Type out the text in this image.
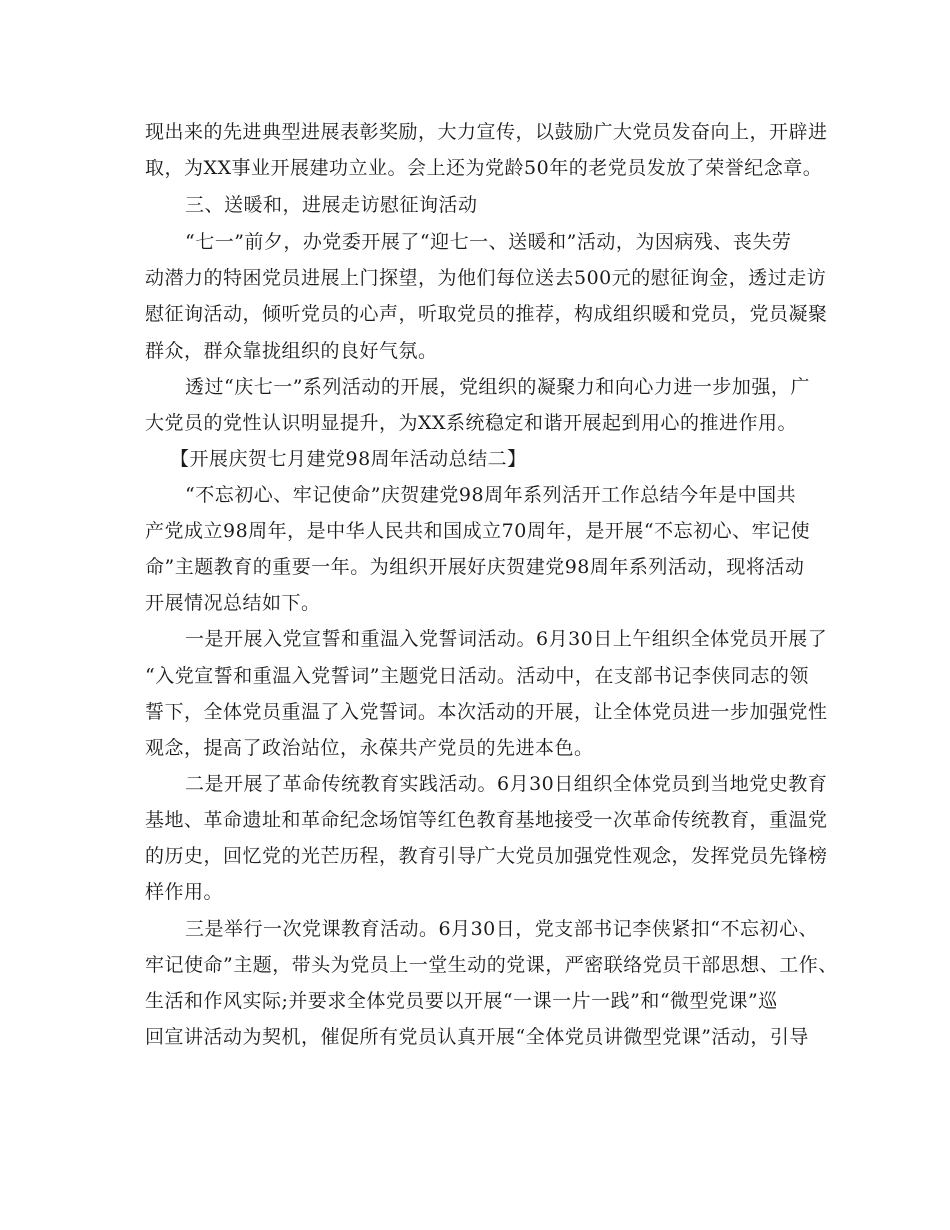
现出来的先进典型进展表彰奖励，大力宣传，以鼓励广大党员发奋向上，开辟进

取，为XX事业开展建功立业。会上还为党龄50年的老党员发放了荣誉纪念章。

三、送暖和，进展走访慰征询活动

“七一”前夕，办党委开展了“迎七一、送暖和”活动，为因病残、丧失劳

动潜力的特困党员进展上门探望，为他们每位送去500元的慰征询金，透过走访

慰征询活动，倾听党员的心声，听取党员的推荐，构成组织暖和党员，党员凝聚

群众，群众靠拢组织的良好气氛。

透过“庆七一”系列活动的开展，党组织的凝聚力和向心力进一步加强，广

大党员的党性认识明显提升，为XX系统稳定和谐开展起到用心的推进作用。

【开展庆贺七月建党98周年活动总结二】

“不忘初心、牢记使命”庆贺建党98周年系列活开工作总结今年是中国共

产党成立98周年，是中华人民共和国成立70周年，是开展“不忘初心、牢记使

命”主题教育的重要一年。为组织开展好庆贺建党98周年系列活动，现将活动

开展情况总结如下。

一是开展入党宣誓和重温入党誓词活动。6月30日上午组织全体党员开展了

“入党宣誓和重温入党誓词”主题党日活动。活动中，在支部书记李侠同志的领

誓下，全体党员重温了入党誓词。本次活动的开展，让全体党员进一步加强党性

观念，提高了政治站位，永葆共产党员的先进本色。

二是开展了革命传统教育实践活动。6月30日组织全体党员到当地党史教育

基地、革命遗址和革命纪念场馆等红色教育基地接受一次革命传统教育，重温党

的历史，回忆党的光芒历程，教育引导广大党员加强党性观念，发挥党员先锋榜

样作用。

三是举行一次党课教育活动。6月30日，党支部书记李侠紧扣“不忘初心、

牢记使命”主题，带头为党员上一堂生动的党课，严密联络党员干部思想、工作、

生活和作风实际;并要求全体党员要以开展“一课一片一践”和“微型党课”巡

回宣讲活动为契机，催促所有党员认真开展“全体党员讲微型党课”活动，引导
